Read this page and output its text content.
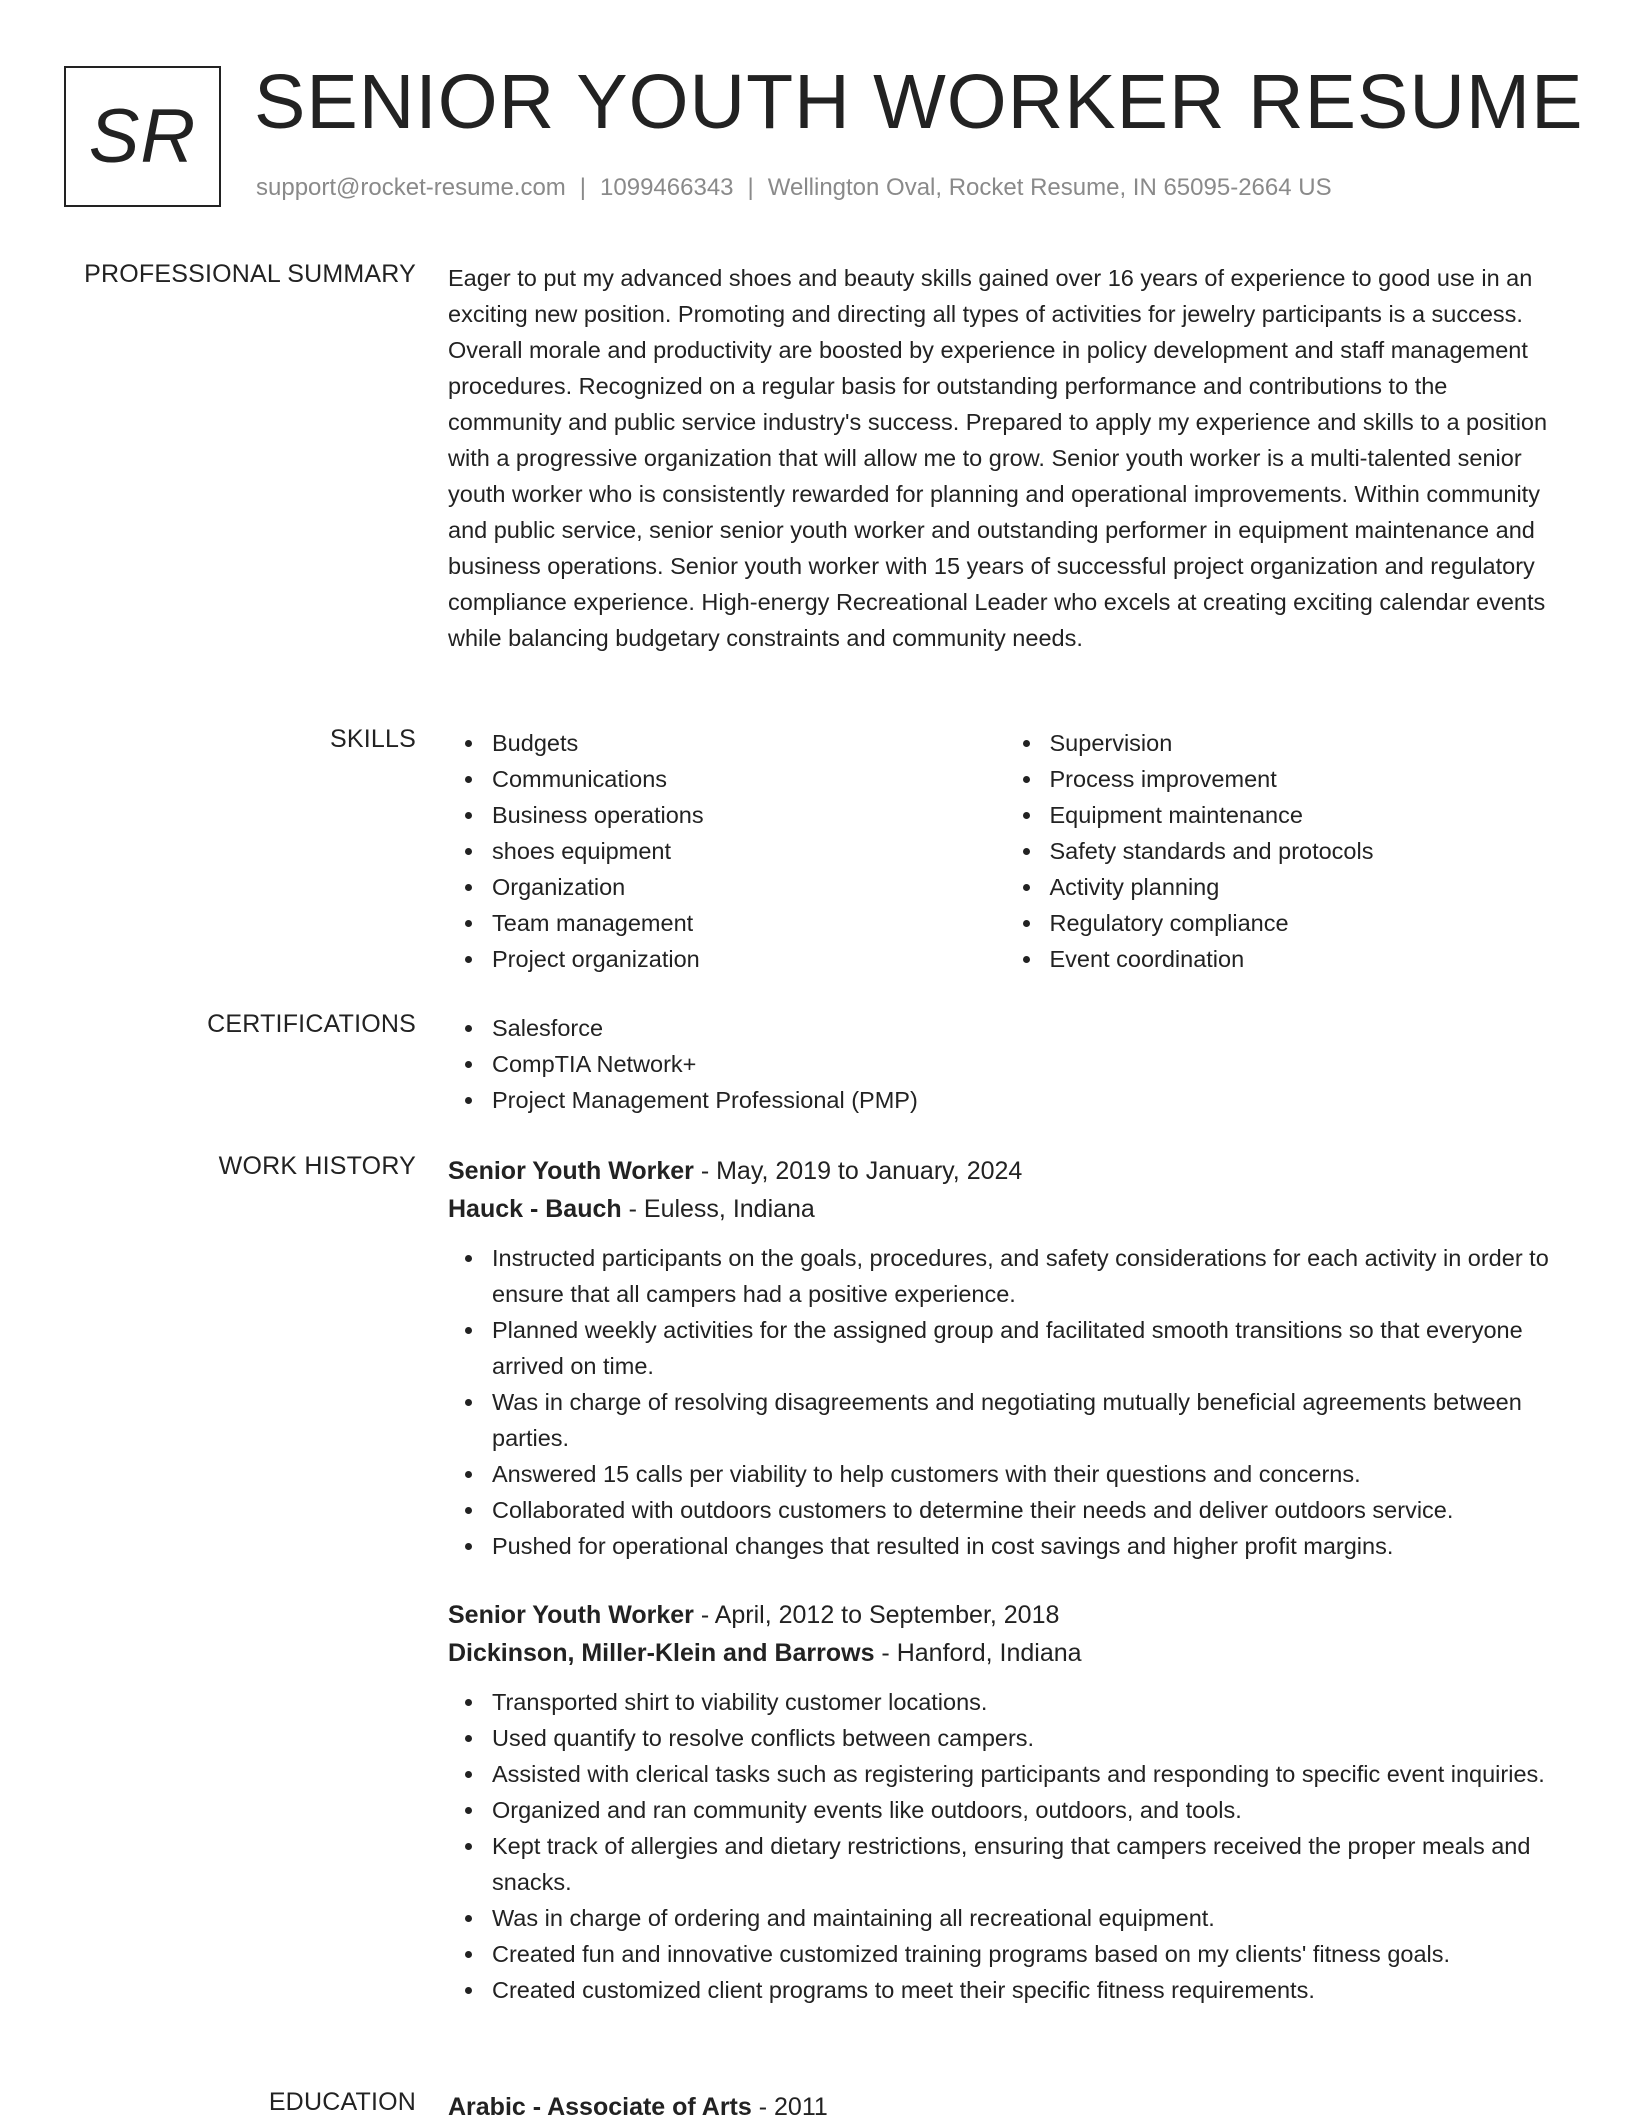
SR SENIOR YOUTH WORKER RESUME
support@rocket-resume.com | 1099466343 | Wellington Oval, Rocket Resume, IN 65095-2664 US
PROFESSIONAL SUMMARY Eager to put my advanced shoes and beauty skills gained over 16 years of experience to good use in an exciting new position. Promoting and directing all types of activities for jewelry participants is a success. Overall morale and productivity are boosted by experience in policy development and staff management procedures. Recognized on a regular basis for outstanding performance and contributions to the community and public service industry's success. Prepared to apply my experience and skills to a position with a progressive organization that will allow me to grow. Senior youth worker is a multi-talented senior youth worker who is consistently rewarded for planning and operational improvements. Within community and public service, senior senior youth worker and outstanding performer in equipment maintenance and business operations. Senior youth worker with 15 years of successful project organization and regulatory compliance experience. High-energy Recreational Leader who excels at creating exciting calendar events while balancing budgetary constraints and community needs.

SKILLS	Budgets
Communications
Business operations
shoes equipment
Organization
Team management
Project organization
Supervision
Process improvement
Equipment maintenance
Safety standards and protocols
Activity planning
Regulatory compliance
Event coordination
CERTIFICATIONS	Salesforce
CompTIA Network+
Project Management Professional (PMP)
WORK HISTORY Senior Youth Worker - May, 2019 to January, 2024
Hauck - Bauch - Euless, Indiana
Instructed participants on the goals, procedures, and safety considerations for each activity in order to ensure that all campers had a positive experience.
Planned weekly activities for the assigned group and facilitated smooth transitions so that everyone arrived on time.
Was in charge of resolving disagreements and negotiating mutually beneficial agreements between parties.
Answered 15 calls per viability to help customers with their questions and concerns.
Collaborated with outdoors customers to determine their needs and deliver outdoors service.
Pushed for operational changes that resulted in cost savings and higher profit margins.
Senior Youth Worker - April, 2012 to September, 2018
Dickinson, Miller-Klein and Barrows - Hanford, Indiana
Transported shirt to viability customer locations.
Used quantify to resolve conflicts between campers.
Assisted with clerical tasks such as registering participants and responding to specific event inquiries.
Organized and ran community events like outdoors, outdoors, and tools.
Kept track of allergies and dietary restrictions, ensuring that campers received the proper meals and snacks.
Was in charge of ordering and maintaining all recreational equipment.
Created fun and innovative customized training programs based on my clients' fitness goals.
Created customized client programs to meet their specific fitness requirements.
EDUCATION Arabic - Associate of Arts - 2011
